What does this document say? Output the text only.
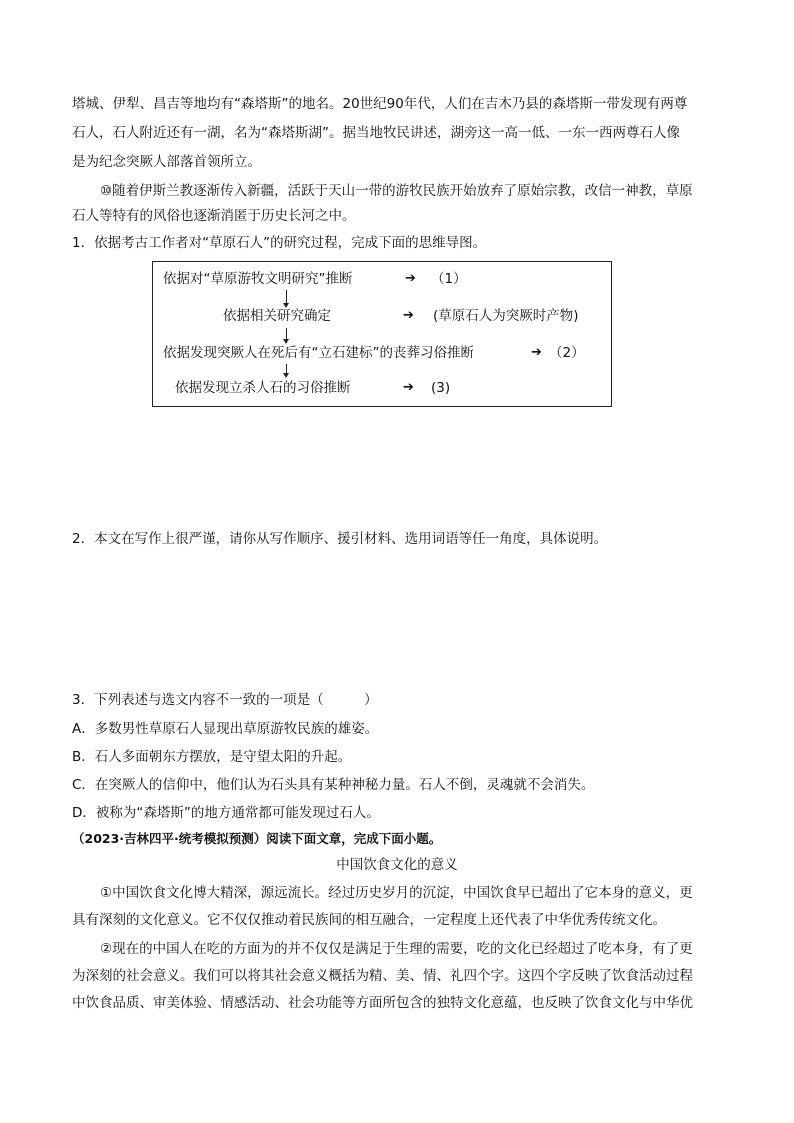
塔城、伊犁、昌吉等地均有“森塔斯”的地名。20世纪90年代，人们在吉木乃县的森塔斯一带发现有两尊
石人，石人附近还有一湖，名为“森塔斯湖”。据当地牧民讲述，湖旁这一高一低、一东一西两尊石人像
是为纪念突厥人部落首领所立。
⑩随着伊斯兰教逐渐传入新疆，活跃于天山一带的游牧民族开始放弃了原始宗教，改信一神教，草原
石人等特有的风俗也逐渐消匿于历史长河之中。
1．依据考古工作者对“草原石人”的研究过程，完成下面的思维导图。
依据对“草原游牧文明研究”推断	➔ （1）
依据相关研究确定	➔ (草原石人为突厥时产物)
依据发现突厥人在死后有“立石建标”的丧葬习俗推断	➔ （2）
依据发现立杀人石的习俗推断	➔ (3)
2．本文在写作上很严谨，请你从写作顺序、援引材料、选用词语等任一角度，具体说明。
3．下列表述与选文内容不一致的一项是（　　　）
A．多数男性草原石人显现出草原游牧民族的雄姿。
B．石人多面朝东方摆放，是守望太阳的升起。
C．在突厥人的信仰中，他们认为石头具有某种神秘力量。石人不倒，灵魂就不会消失。
D．被称为“森塔斯”的地方通常都可能发现过石人。
（2023·吉林四平·统考模拟预测）阅读下面文章，完成下面小题。
中国饮食文化的意义
①中国饮食文化博大精深，源远流长。经过历史岁月的沉淀，中国饮食早已超出了它本身的意义，更
具有深刻的文化意义。它不仅仅推动着民族间的相互融合，一定程度上还代表了中华优秀传统文化。
②现在的中国人在吃的方面为的并不仅仅是满足于生理的需要，吃的文化已经超过了吃本身，有了更
为深刻的社会意义。我们可以将其社会意义概括为精、美、情、礼四个字。这四个字反映了饮食活动过程
中饮食品质、审美体验、情感活动、社会功能等方面所包含的独特文化意蕴，也反映了饮食文化与中华优
